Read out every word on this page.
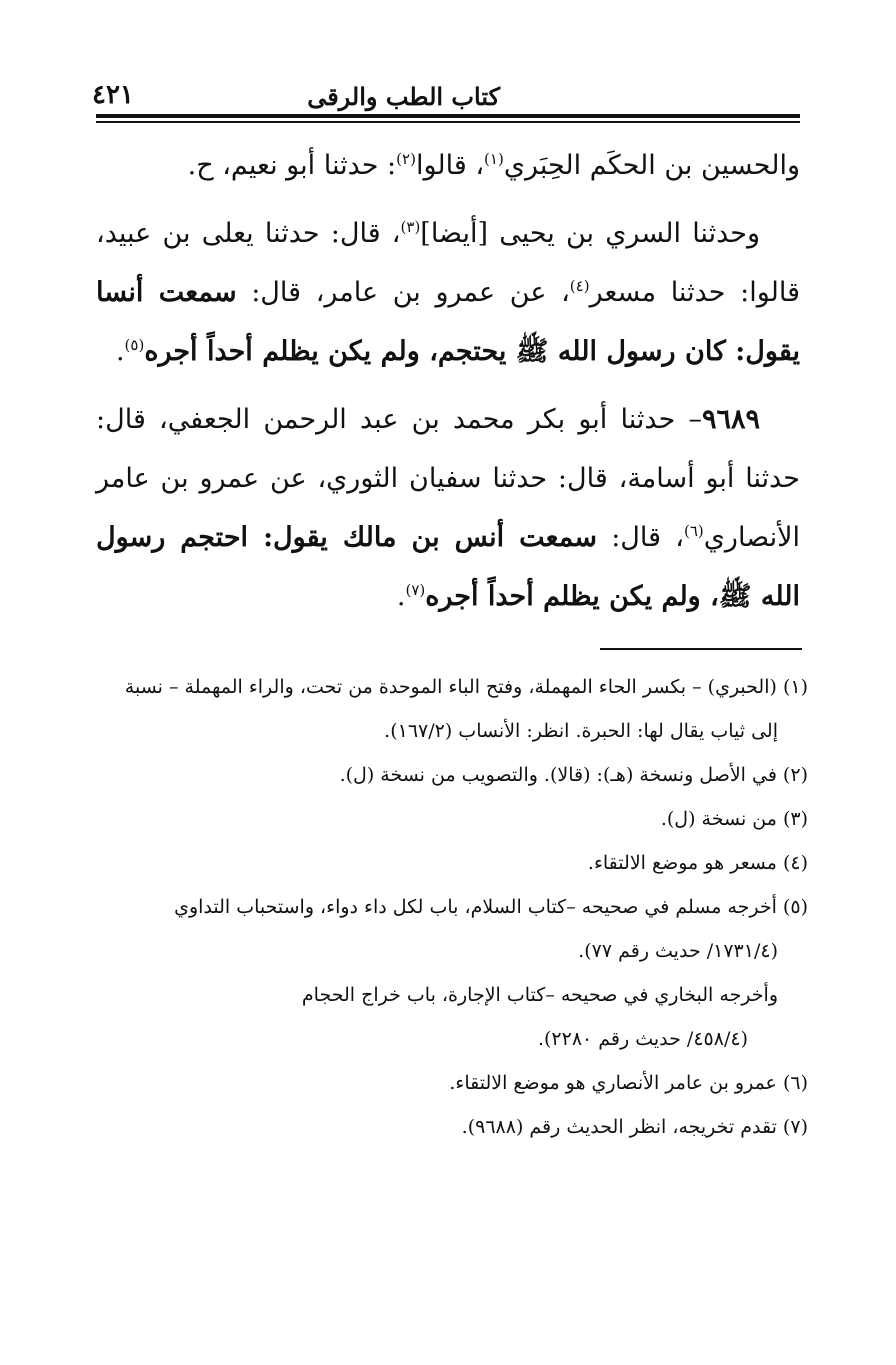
كتاب الطب والرقى
٤٢١

والحسين بن الحكَم الحِبَري$^{(١)}$، قالوا$^{(٢)}$: حدثنا أبو نعيم، ح.

وحدثنا السري بن يحيى [أيضا]$^{(٣)}$، قال: حدثنا يعلى بن عبيد، قالوا: حدثنا مسعر$^{(٤)}$، عن عمرو بن عامر، قال: سمعت أنسا يقول: كان رسول الله ﷺ يحتجم، ولم يكن يظلم أحداً أجره$^{(٥)}$.

٩٦٨٩– حدثنا أبو بكر محمد بن عبد الرحمن الجعفي، قال: حدثنا أبو أسامة، قال: حدثنا سفيان الثوري، عن عمرو بن عامر الأنصاري$^{(٦)}$، قال: سمعت أنس بن مالك يقول: احتجم رسول الله ﷺ، ولم يكن يظلم أحداً أجره$^{(٧)}$.

(١) (الحبري) – بكسر الحاء المهملة، وفتح الباء الموحدة من تحت، والراء المهملة – نسبة
إلى ثياب يقال لها: الحبرة. انظر: الأنساب (١٦٧/٢).

(٢) في الأصل ونسخة (هـ): (قالا). والتصويب من نسخة (ل).

(٣) من نسخة (ل).

(٤) مسعر هو موضع الالتقاء.

(٥) أخرجه مسلم في صحيحه –كتاب السلام، باب لكل داء دواء، واستحباب التداوي
(١٧٣١/٤/ حديث رقم ٧٧).

وأخرجه البخاري في صحيحه –كتاب الإجارة، باب خراج الحجام
(٤٥٨/٤/ حديث رقم ٢٢٨٠).

(٦) عمرو بن عامر الأنصاري هو موضع الالتقاء.

(٧) تقدم تخريجه، انظر الحديث رقم (٩٦٨٨).
